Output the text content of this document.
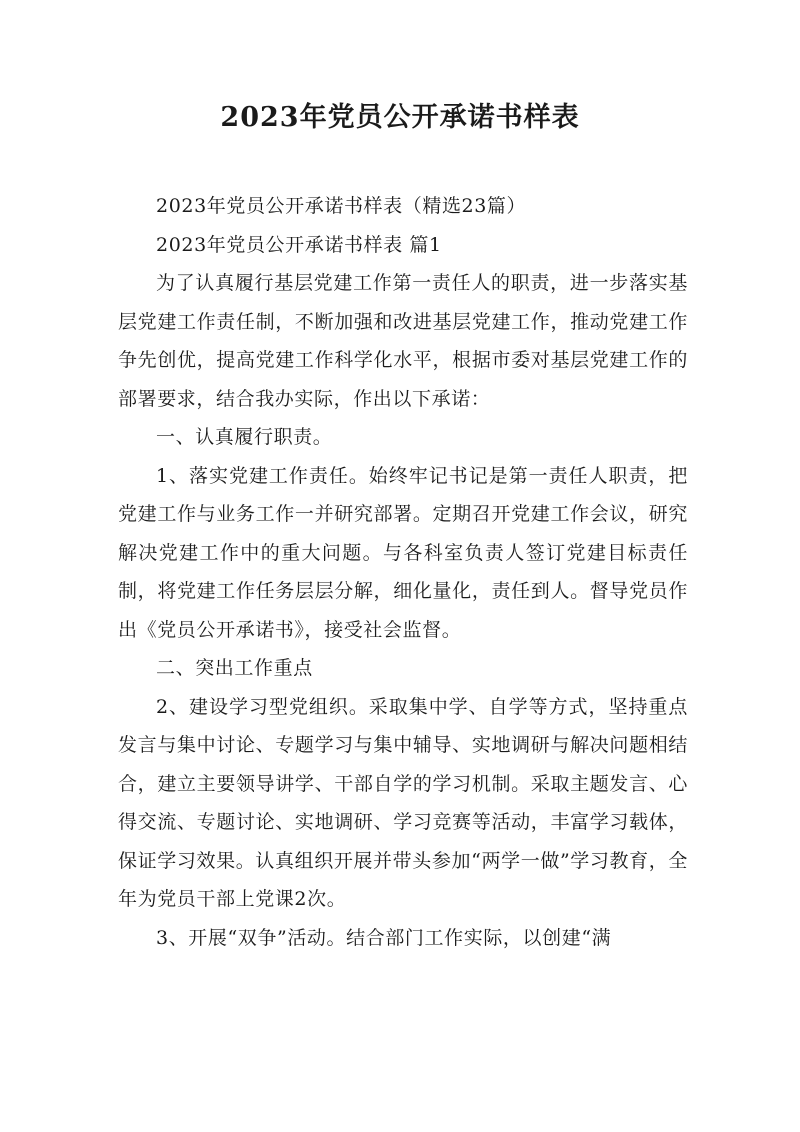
2023年党员公开承诺书样表

2023年党员公开承诺书样表（精选23篇）

2023年党员公开承诺书样表 篇1

为了认真履行基层党建工作第一责任人的职责，进一步落实基层党建工作责任制，不断加强和改进基层党建工作，推动党建工作争先创优，提高党建工作科学化水平，根据市委对基层党建工作的部署要求，结合我办实际，作出以下承诺：

一、认真履行职责。

1、落实党建工作责任。始终牢记书记是第一责任人职责，把党建工作与业务工作一并研究部署。定期召开党建工作会议，研究解决党建工作中的重大问题。与各科室负责人签订党建目标责任制，将党建工作任务层层分解，细化量化，责任到人。督导党员作出《党员公开承诺书》，接受社会监督。

二、突出工作重点

2、建设学习型党组织。采取集中学、自学等方式，坚持重点发言与集中讨论、专题学习与集中辅导、实地调研与解决问题相结合，建立主要领导讲学、干部自学的学习机制。采取主题发言、心得交流、专题讨论、实地调研、学习竞赛等活动，丰富学习载体，保证学习效果。认真组织开展并带头参加“两学一做”学习教育，全年为党员干部上党课2次。

3、开展“双争”活动。结合部门工作实际，以创建“满
